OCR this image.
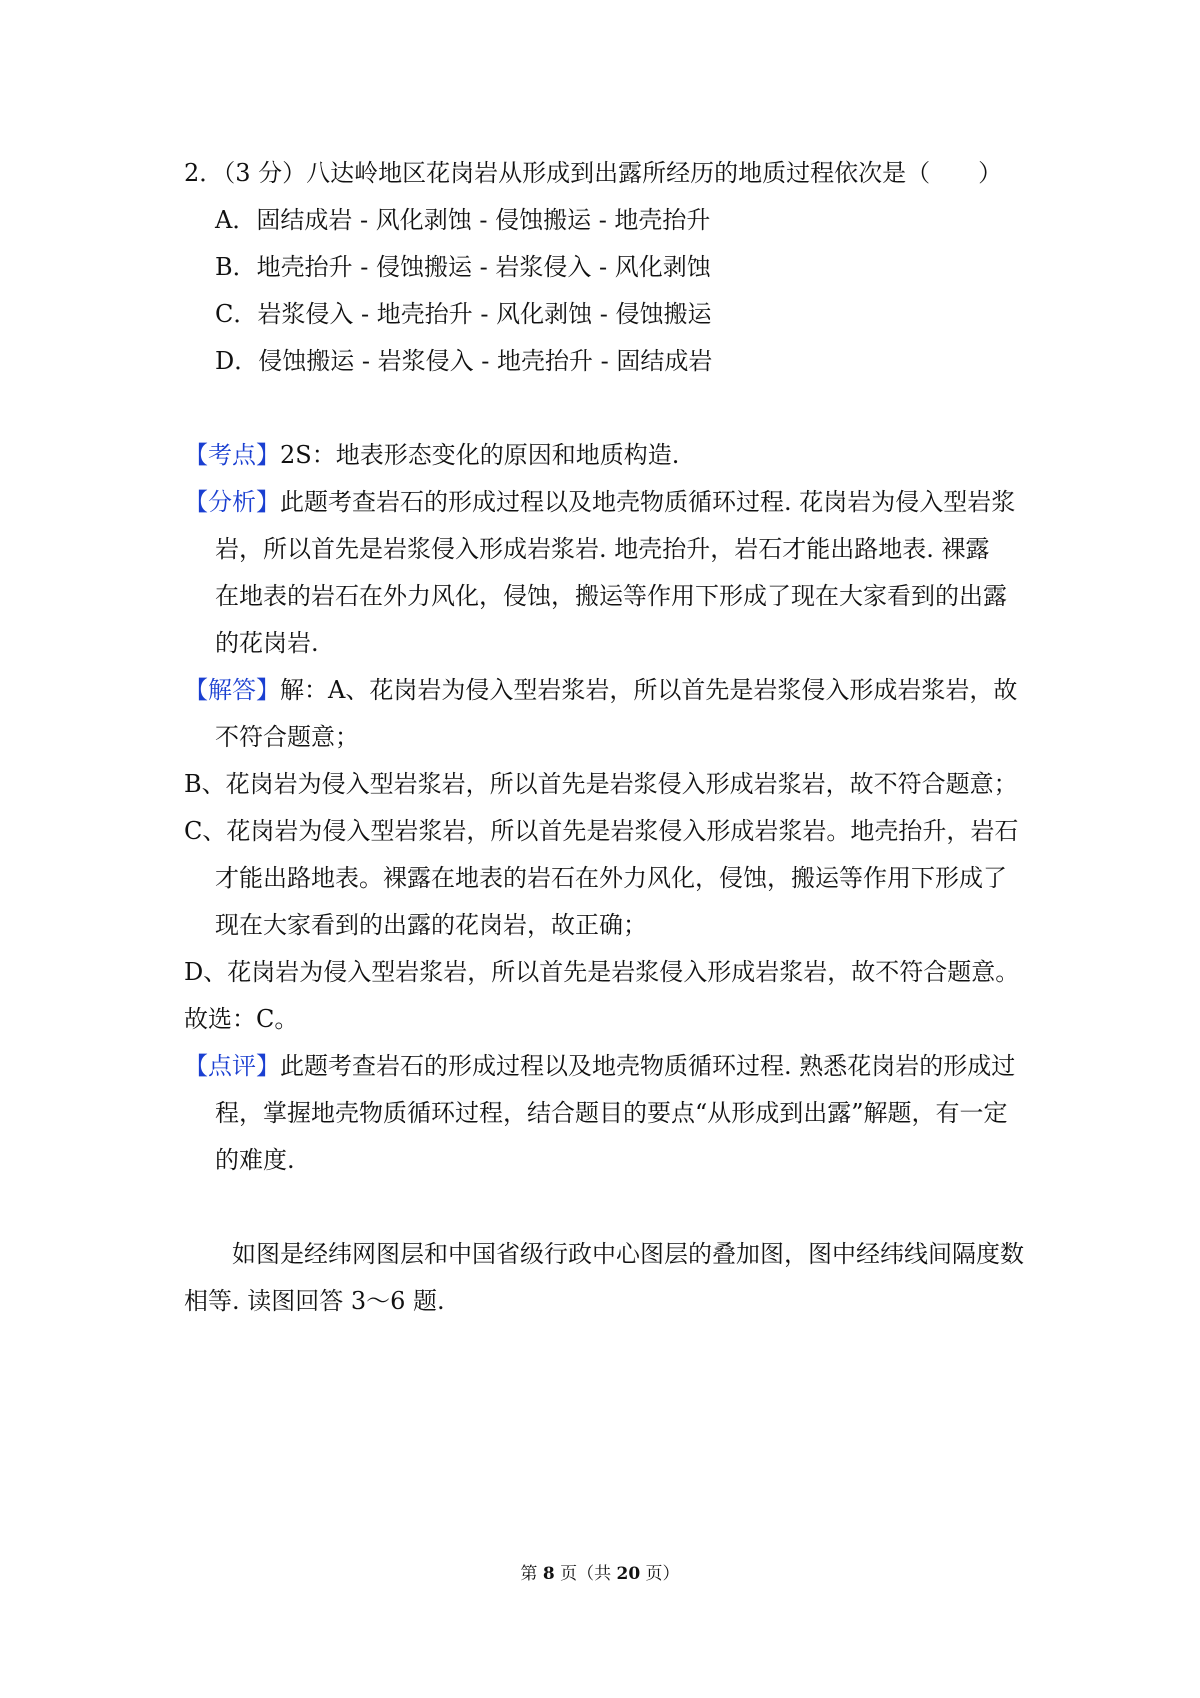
2．（3 分）八达岭地区花岗岩从形成到出露所经历的地质过程依次是（　　）
A．固结成岩 - 风化剥蚀 - 侵蚀搬运 - 地壳抬升
B．地壳抬升 - 侵蚀搬运 - 岩浆侵入 - 风化剥蚀
C．岩浆侵入 - 地壳抬升 - 风化剥蚀 - 侵蚀搬运
D．侵蚀搬运 - 岩浆侵入 - 地壳抬升 - 固结成岩
【考点】2S：地表形态变化的原因和地质构造.
【分析】此题考查岩石的形成过程以及地壳物质循环过程. 花岗岩为侵入型岩浆
岩，所以首先是岩浆侵入形成岩浆岩. 地壳抬升，岩石才能出路地表. 裸露
在地表的岩石在外力风化，侵蚀，搬运等作用下形成了现在大家看到的出露
的花岗岩.
【解答】解：A、花岗岩为侵入型岩浆岩，所以首先是岩浆侵入形成岩浆岩，故
不符合题意；
B、花岗岩为侵入型岩浆岩，所以首先是岩浆侵入形成岩浆岩，故不符合题意；
C、花岗岩为侵入型岩浆岩，所以首先是岩浆侵入形成岩浆岩。地壳抬升，岩石
才能出路地表。裸露在地表的岩石在外力风化，侵蚀，搬运等作用下形成了
现在大家看到的出露的花岗岩，故正确；
D、花岗岩为侵入型岩浆岩，所以首先是岩浆侵入形成岩浆岩，故不符合题意。
故选：C。
【点评】此题考查岩石的形成过程以及地壳物质循环过程. 熟悉花岗岩的形成过
程，掌握地壳物质循环过程，结合题目的要点“从形成到出露”解题，有一定
的难度.
如图是经纬网图层和中国省级行政中心图层的叠加图，图中经纬线间隔度数
相等. 读图回答 3～6 题.
第 8 页（共 20 页）
